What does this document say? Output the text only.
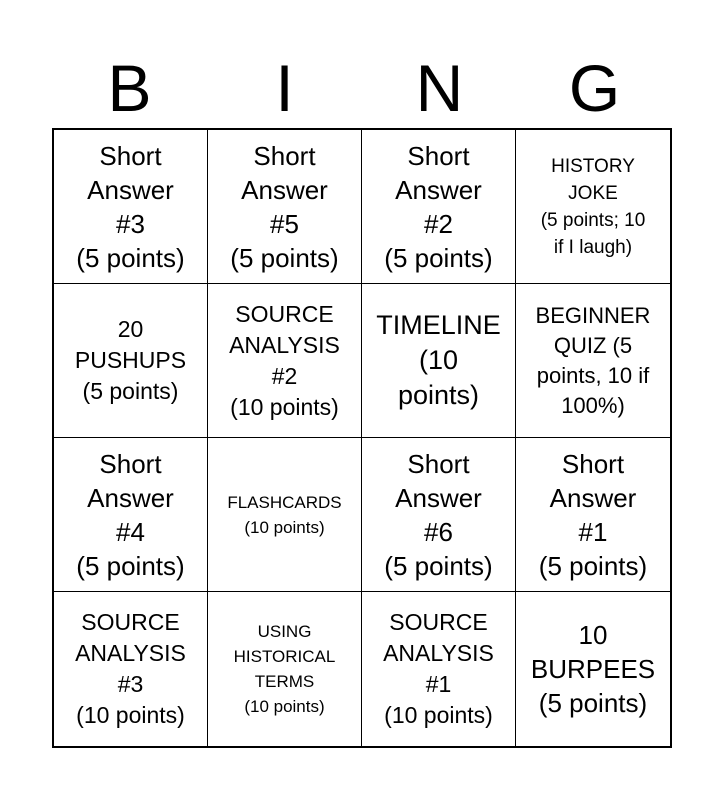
B	I	N	G
Short
Answer
#3
(5 points)
Short
Answer
#5
(5 points)
Short
Answer
#2
(5 points)
HISTORY
JOKE
(5 points; 10
if I laugh)
20
PUSHUPS
(5 points)
SOURCE
ANALYSIS
#2
(10 points)
TIMELINE
(10
points)
BEGINNER
QUIZ (5
points, 10 if
100%)
Short
Answer
#4
(5 points)
FLASHCARDS
(10 points)
Short
Answer
#6
(5 points)
Short
Answer
#1
(5 points)
SOURCE
ANALYSIS
#3
(10 points)
USING
HISTORICAL
TERMS
(10 points)
SOURCE
ANALYSIS
#1
(10 points)
10
BURPEES
(5 points)
